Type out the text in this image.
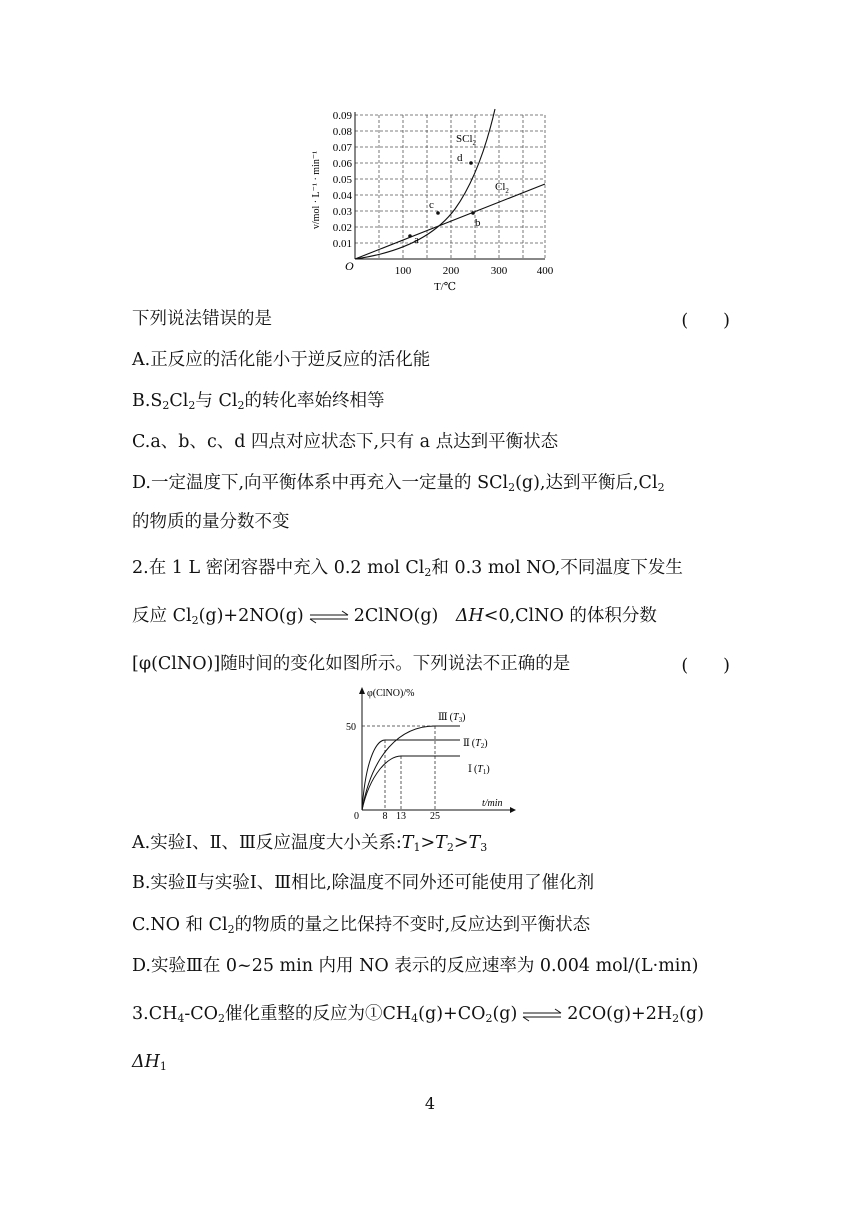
0.09
0.08
0.07
0.06
0.05
0.04
0.03
0.02
0.01
100	200	300	400
O
T/℃
v/mol · L⁻¹ · min⁻¹
a
b
c
d
SCl$_2$
$Cl_2$
下列说法错误的是	(　　)
A.正反应的活化能小于逆反应的活化能
$B.S_2Cl_2$与 $Cl_2$的转化率始终相等
C.a、b、c、d 四点对应状态下,只有 a 点达到平衡状态
D.一定温度下,向平衡体系中再充入一定量的 SCl$_2$(g),达到平衡后$,Cl_2$
的物质的量分数不变
2.在 1 L 密闭容器中充入 0.2 mol $Cl_2$和 0.3 mol NO,不同温度下发生
反应 $Cl_2(g)+2NO(g)$ ⇌ 2ClNO(g)　 ΔH<0,ClNO 的体积分数
[φ(ClNO)]随时间的变化如图所示。下列说法不正确的是	(　　)
φ(ClNO)/%
t/min
0
50
8 13 25
Ⅲ $(T_3)$
Ⅱ $(T_2)$
Ⅰ $(T_1)$
A.实验Ⅰ、Ⅱ、Ⅲ反应温度大小关系$:T_1>T_2>T_3$
B.实验Ⅱ与实验Ⅰ、Ⅲ相比,除温度不同外还可能使用了催化剂
C.NO 和 $Cl_2$的物质的量之比保持不变时,反应达到平衡状态
D.实验Ⅲ在 0~25 min 内用 NO 表示的反应速率为 0.004 mol/(L·min)
$3.CH_4-CO_2$催化重整的反应为$①CH_4(g)+CO_2(g)$ ⇌ $2CO(g)+2H_2(g)$
$\Delta H_1$
4
